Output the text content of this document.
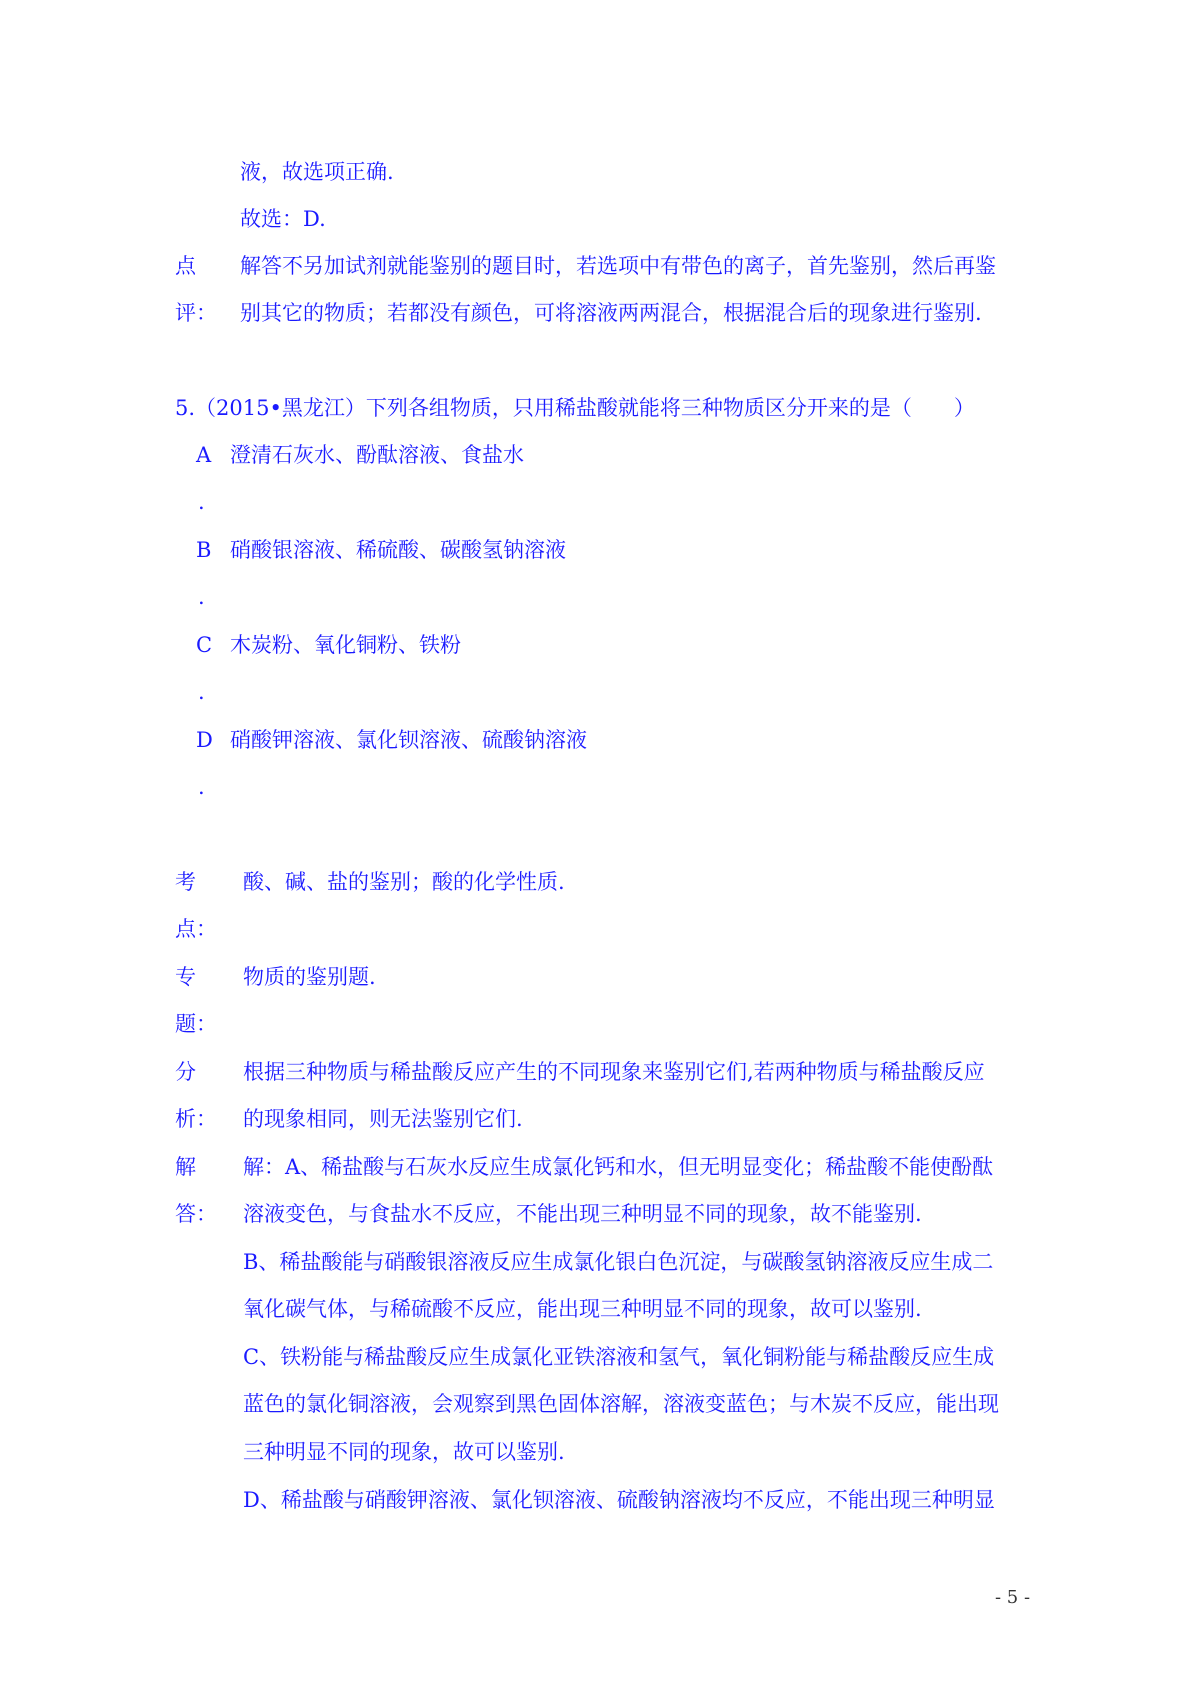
液，故选项正确.
故选：D.
点 解答不另加试剂就能鉴别的题目时，若选项中有带色的离子，首先鉴别，然后再鉴
评： 别其它的物质；若都没有颜色，可将溶液两两混合，根据混合后的现象进行鉴别.
5.（2015•黑龙江）下列各组物质，只用稀盐酸就能将三种物质区分开来的是（　　）
A 澄清石灰水、酚酞溶液、食盐水
.
B 硝酸银溶液、稀硫酸、碳酸氢钠溶液
.
C 木炭粉、氧化铜粉、铁粉
.
D 硝酸钾溶液、氯化钡溶液、硫酸钠溶液
.
考
点：
酸、碱、盐的鉴别；酸的化学性质.
专
题：
物质的鉴别题.
分
析：
根据三种物质与稀盐酸反应产生的不同现象来鉴别它们,若两种物质与稀盐酸反应
的现象相同，则无法鉴别它们.
解
答：
解：A、稀盐酸与石灰水反应生成氯化钙和水，但无明显变化；稀盐酸不能使酚酞
溶液变色，与食盐水不反应，不能出现三种明显不同的现象，故不能鉴别.
B、稀盐酸能与硝酸银溶液反应生成氯化银白色沉淀，与碳酸氢钠溶液反应生成二
氧化碳气体，与稀硫酸不反应，能出现三种明显不同的现象，故可以鉴别.
C、铁粉能与稀盐酸反应生成氯化亚铁溶液和氢气，氧化铜粉能与稀盐酸反应生成
蓝色的氯化铜溶液，会观察到黑色固体溶解，溶液变蓝色；与木炭不反应，能出现
三种明显不同的现象，故可以鉴别.
D、稀盐酸与硝酸钾溶液、氯化钡溶液、硫酸钠溶液均不反应，不能出现三种明显
- 5 -
